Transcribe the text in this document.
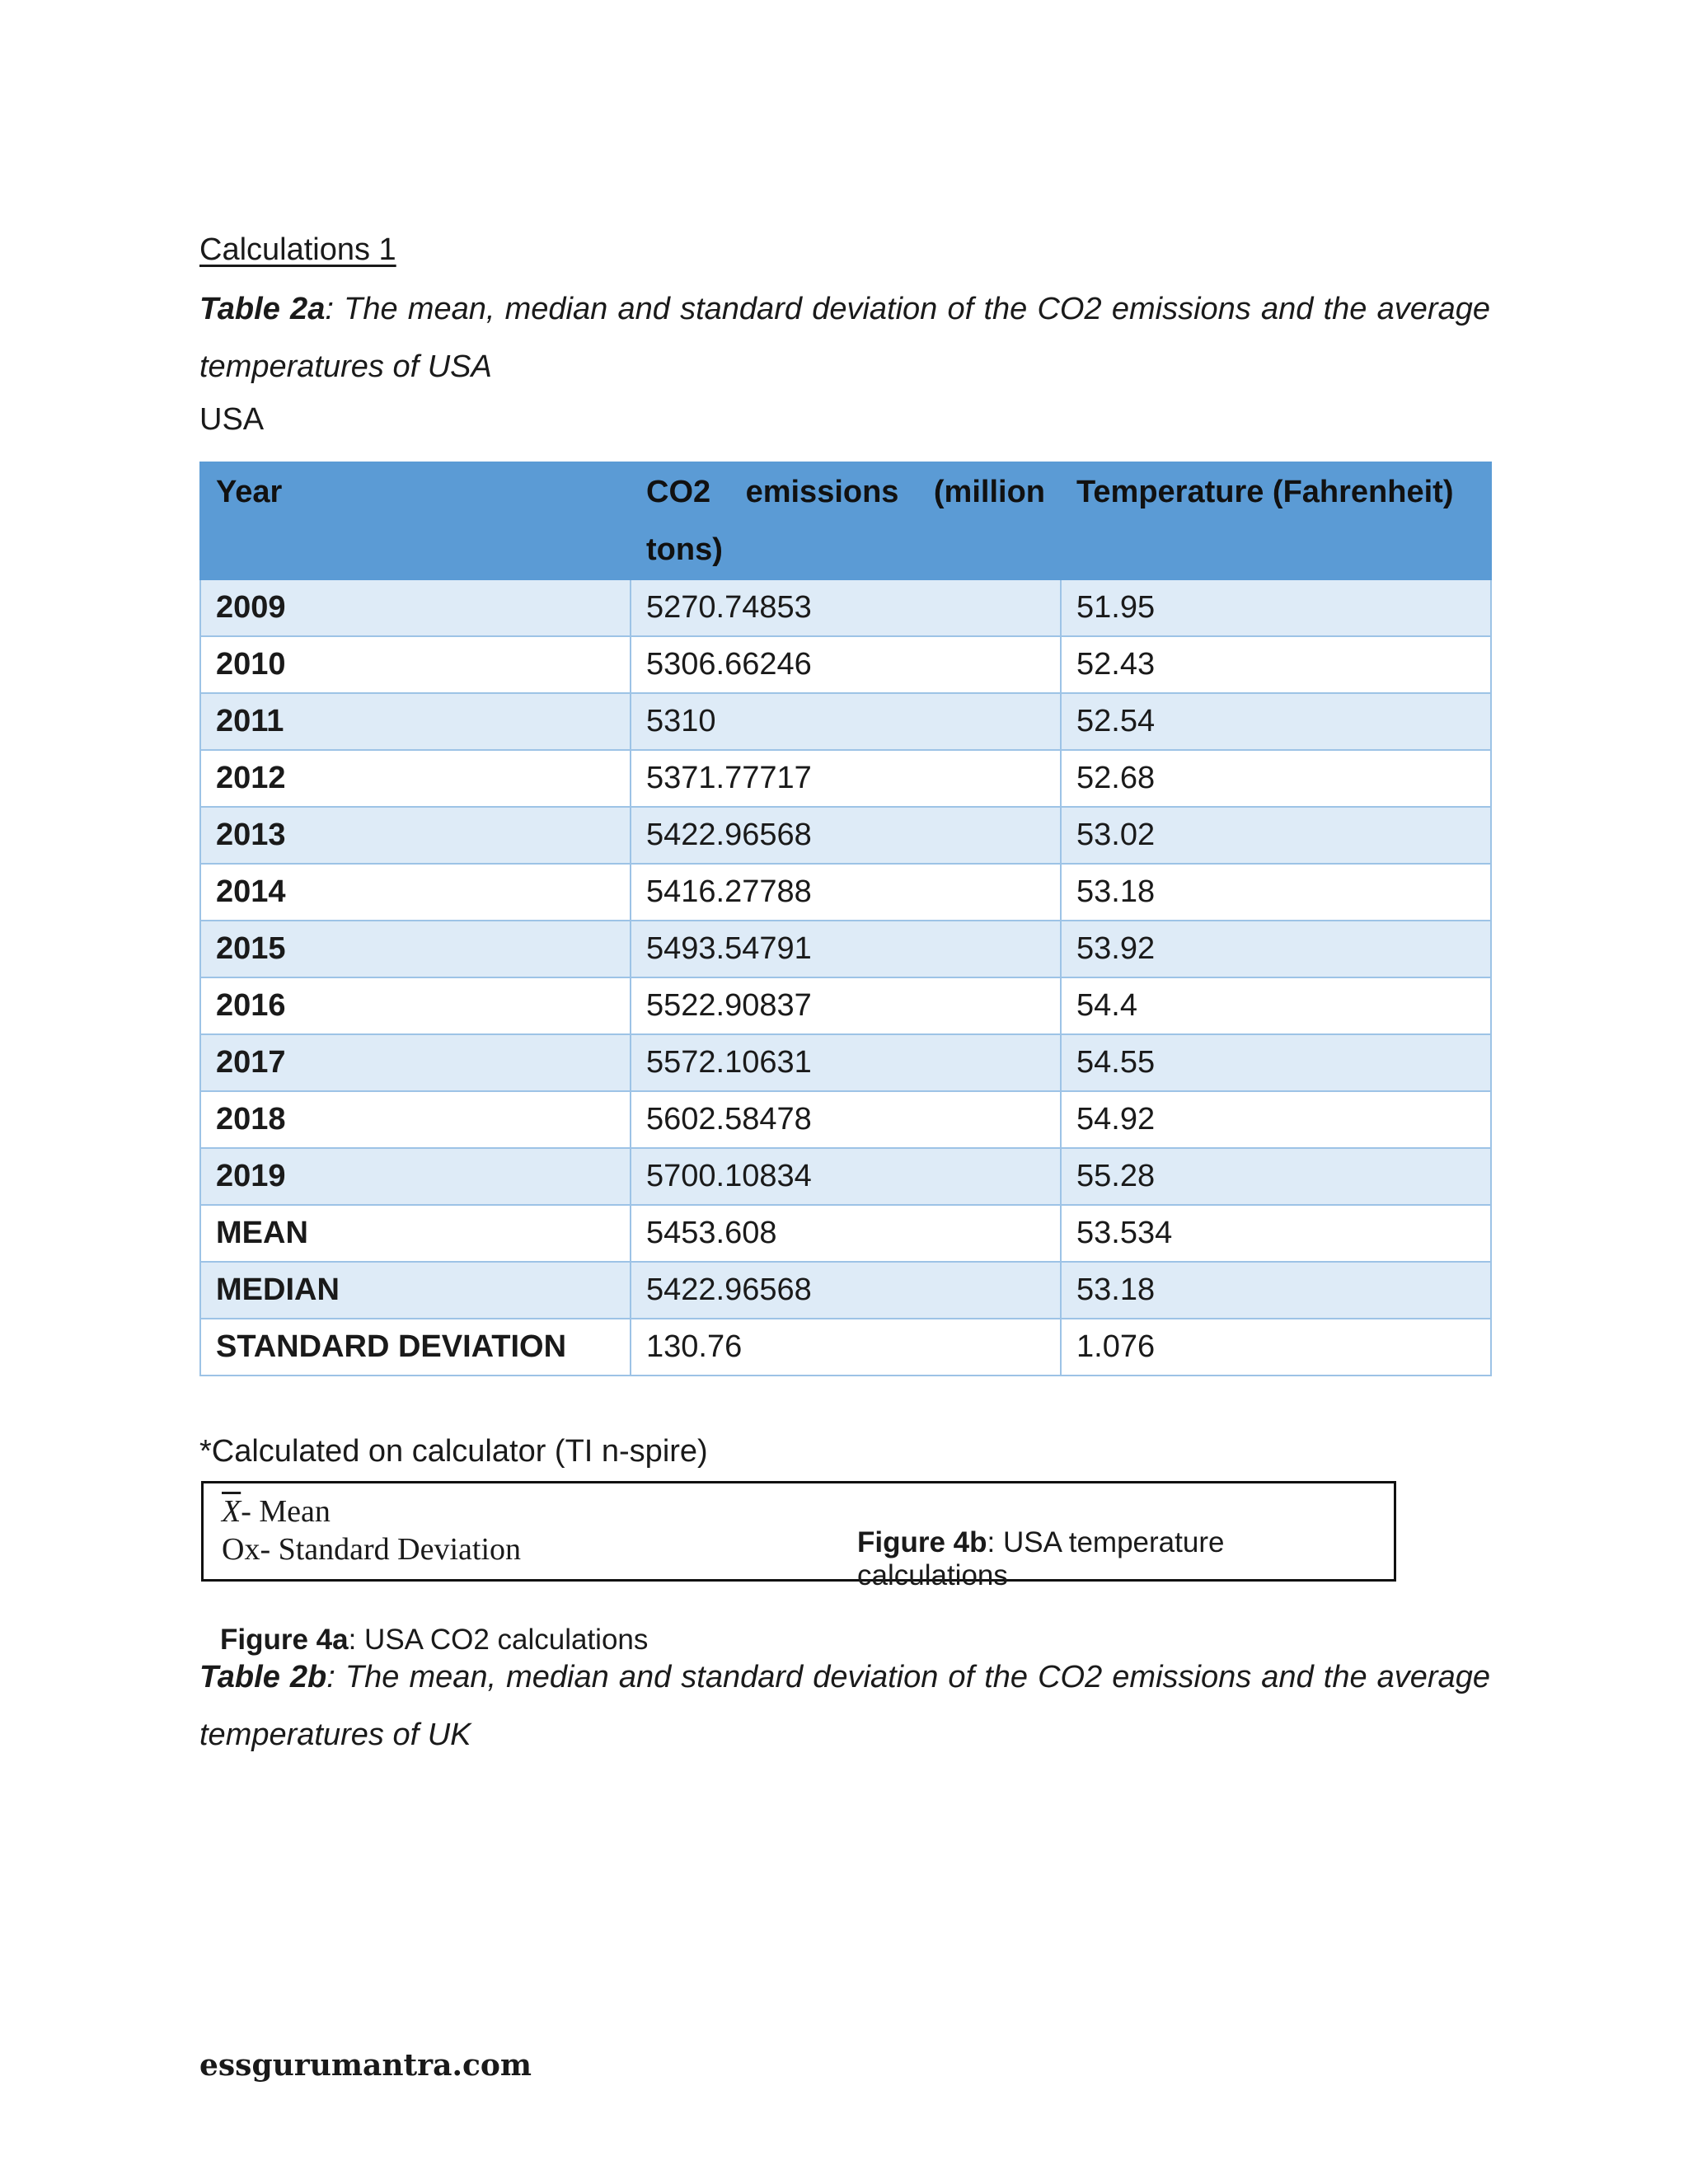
Calculations 1
Table 2a: The mean, median and standard deviation of the CO2 emissions and the average temperatures of USA
USA
Year	CO2 emissions (million tons)	Temperature (Fahrenheit)
2009	5270.74853	51.95
2010	5306.66246	52.43
2011	5310	52.54
2012	5371.77717	52.68
2013	5422.96568	53.02
2014	5416.27788	53.18
2015	5493.54791	53.92
2016	5522.90837	54.4
2017	5572.10631	54.55
2018	5602.58478	54.92
2019	5700.10834	55.28
MEAN	5453.608	53.534
MEDIAN	5422.96568	53.18
STANDARD DEVIATION	130.76	1.076
*Calculated on calculator (TI n-spire)
$\overline{X}-$ Mean
Ox- Standard Deviation	Figure 4b: USA temperature
calculations
Figure 4a: USA CO2 calculations
Table 2b: The mean, median and standard deviation of the CO2 emissions and the average temperatures of UK
essgurumantra.com
